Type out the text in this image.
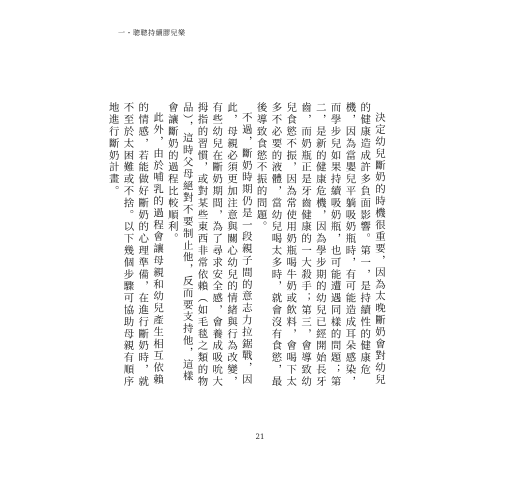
一・聰聰持續膠兒樂

決定幼兒斷奶的時機很重要，因為太晚斷奶會對幼兒的健康造成許多負面影響。第一，是持續性的健康危機，因為當嬰兒平躺吸奶瓶時，有可能造成耳朵感染，而學步兒如果持續吸奶瓶，也可能遭遇同樣的問題；第二，是新的健康危機，因為學步期的幼兒已經開始長牙齒，而奶瓶正是牙齒健康的一大殺手；第三，會導致幼兒食慾不振，因為常使用奶瓶喝牛奶或飲料，會喝下太多不必要的液體，當幼兒喝太多時，就會沒有食慾，最後導致食慾不振的問題。

不過，斷奶時期仍是一段親子間的意志力拉鋸戰，因此，母親必須更加注意與關心幼兒的情緒與行為改變，有些幼兒在斷奶期間，為了尋求安全感，會養成吸吮大拇指的習慣，或對某些東西非常依賴（如毛毯之類的物品），這時父母絕對不要制止他，反而要支持他，這樣會讓斷奶的過程比較順利。

此外，由於哺乳的過程會讓母親和幼兒產生相互依賴的情感，若能做好斷奶的心理準備，在進行斷奶時，就不至於太困難或不捨。以下幾個步驟可協助母親有順序地進行斷奶計畫。

21
